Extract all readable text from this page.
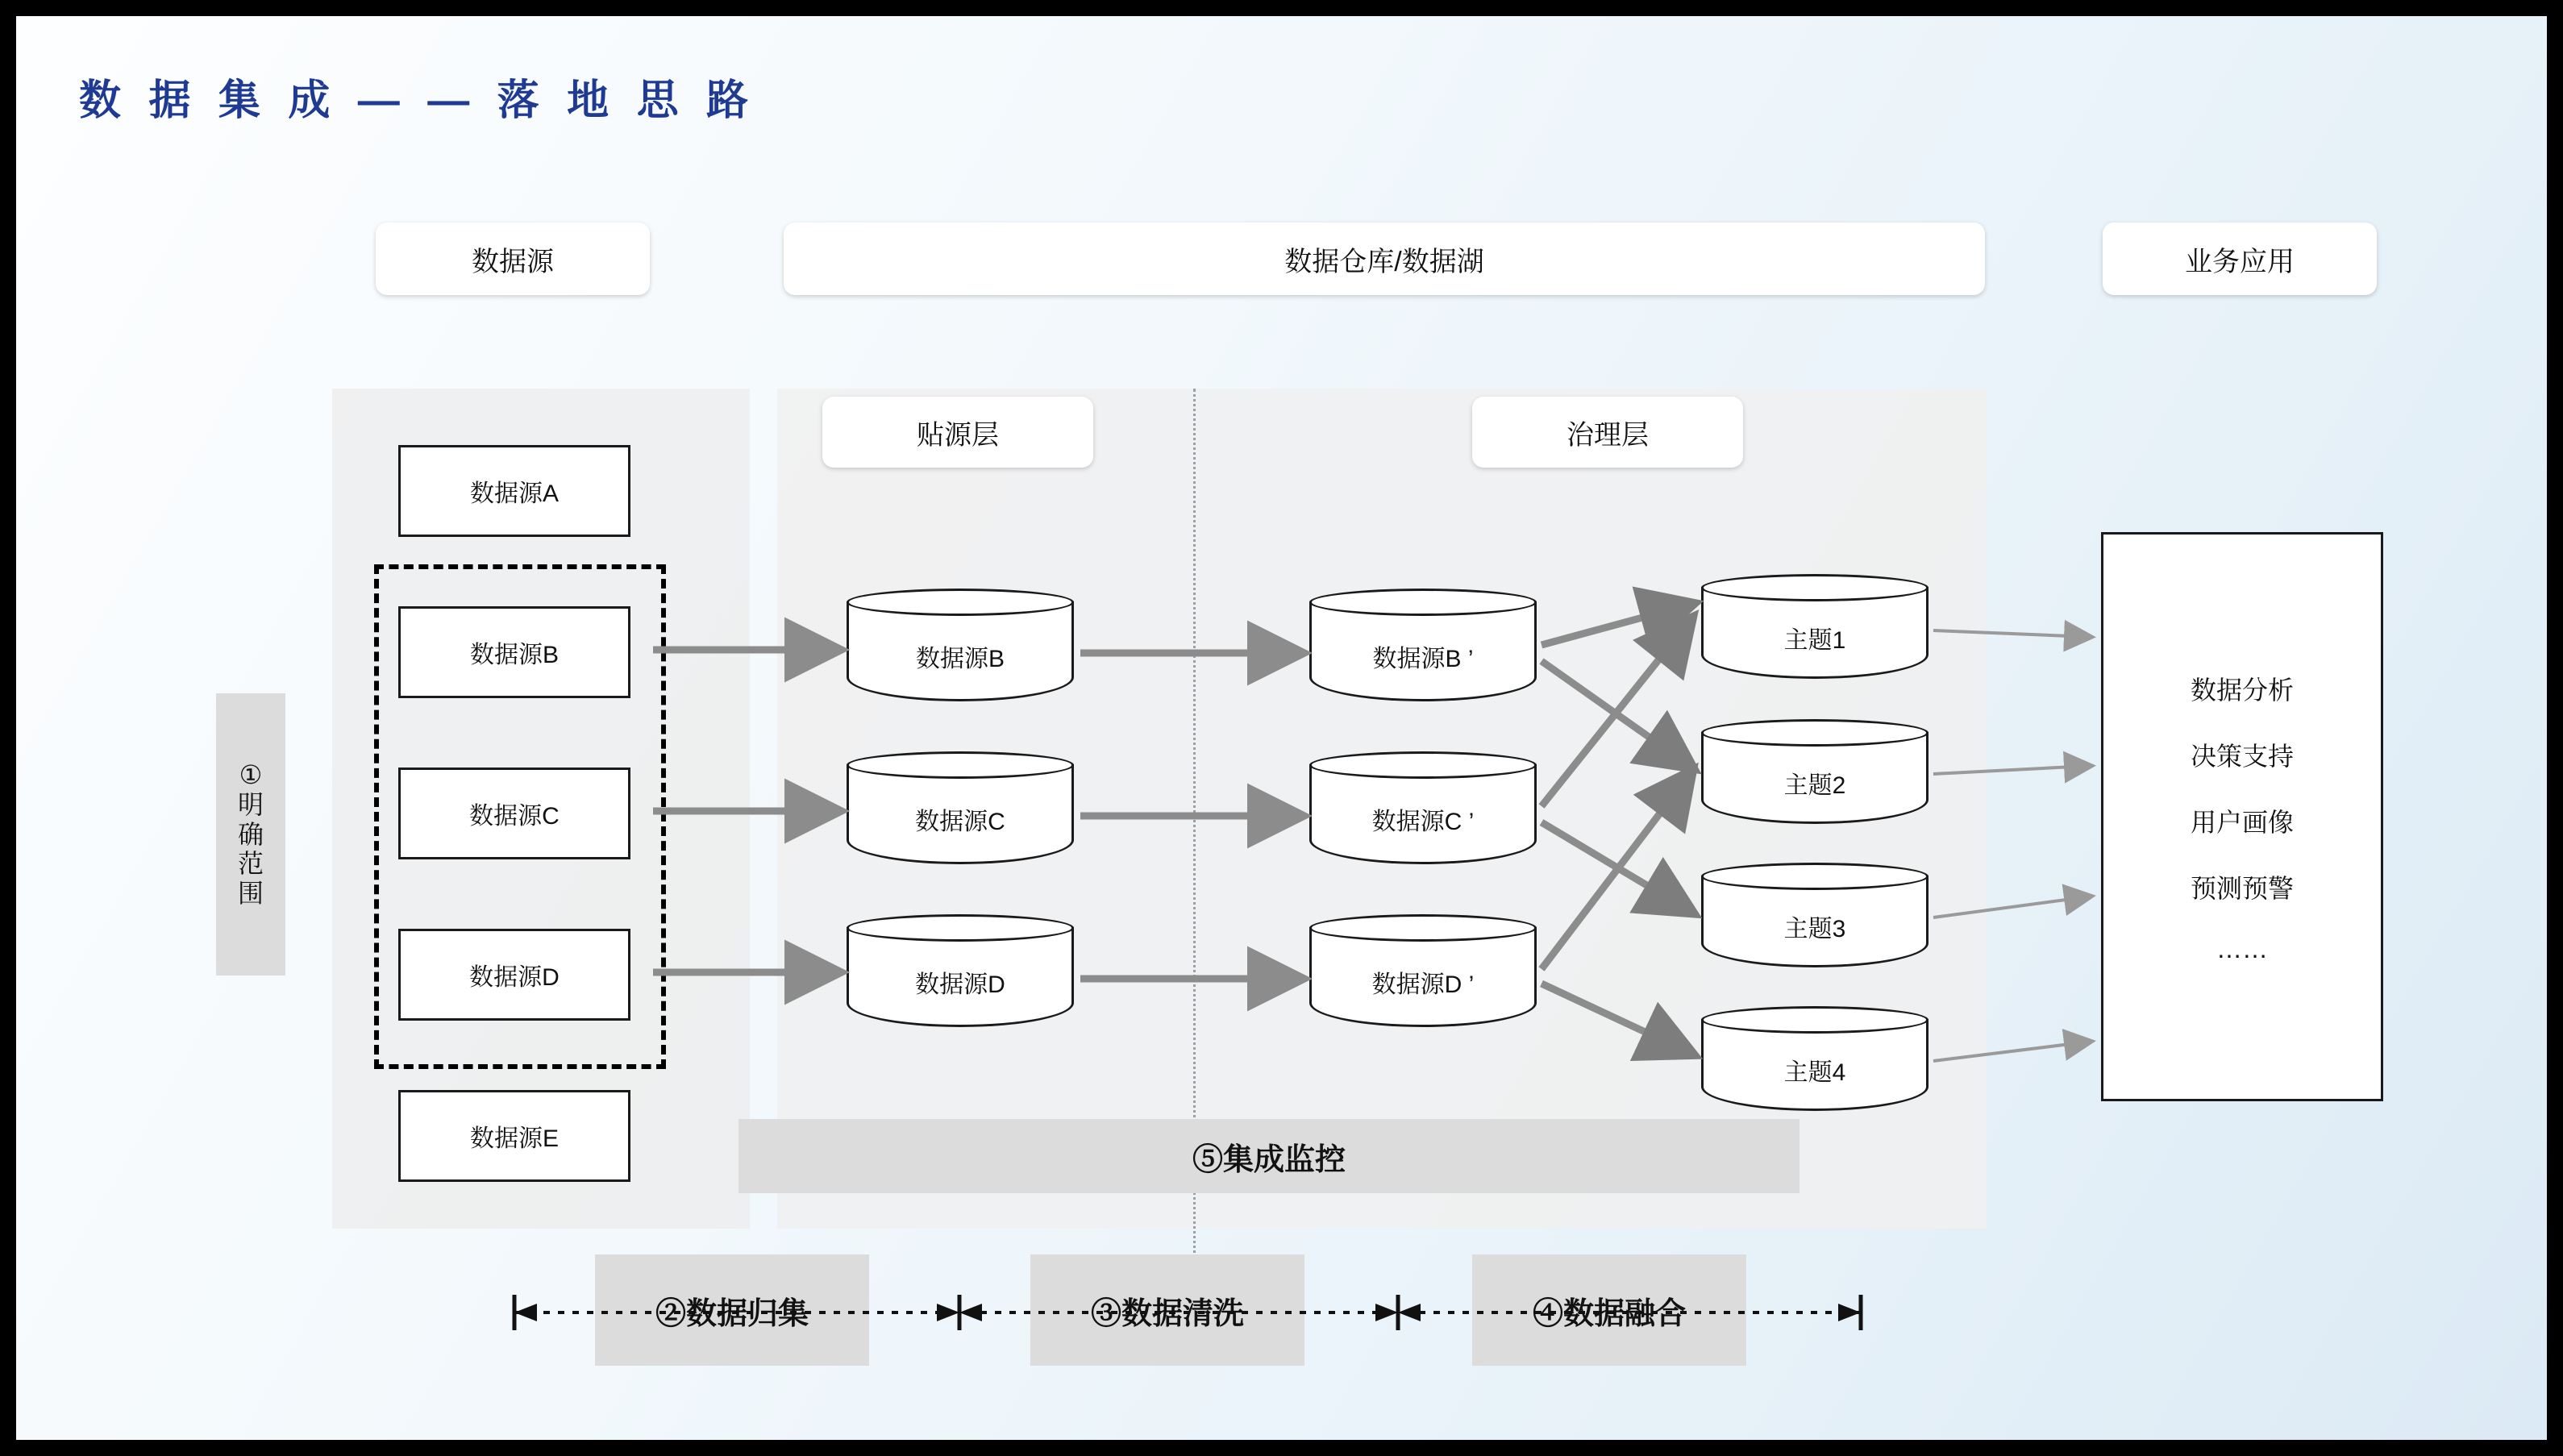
数 据 集 成 — — 落 地 思 路
数据源	数据仓库/数据湖	业务应用
贴源层	治理层
①
明
确
范
围
数据源A
数据源B
数据源C
数据源D
数据源E
数据源B
数据源C
数据源D
数据源B ’
数据源C ’
数据源D ’
主题1
主题2
主题3
主题4
数据分析
决策支持
用户画像
预测预警
……
⑤集成监控
②数据归集	③数据清洗	④数据融合
